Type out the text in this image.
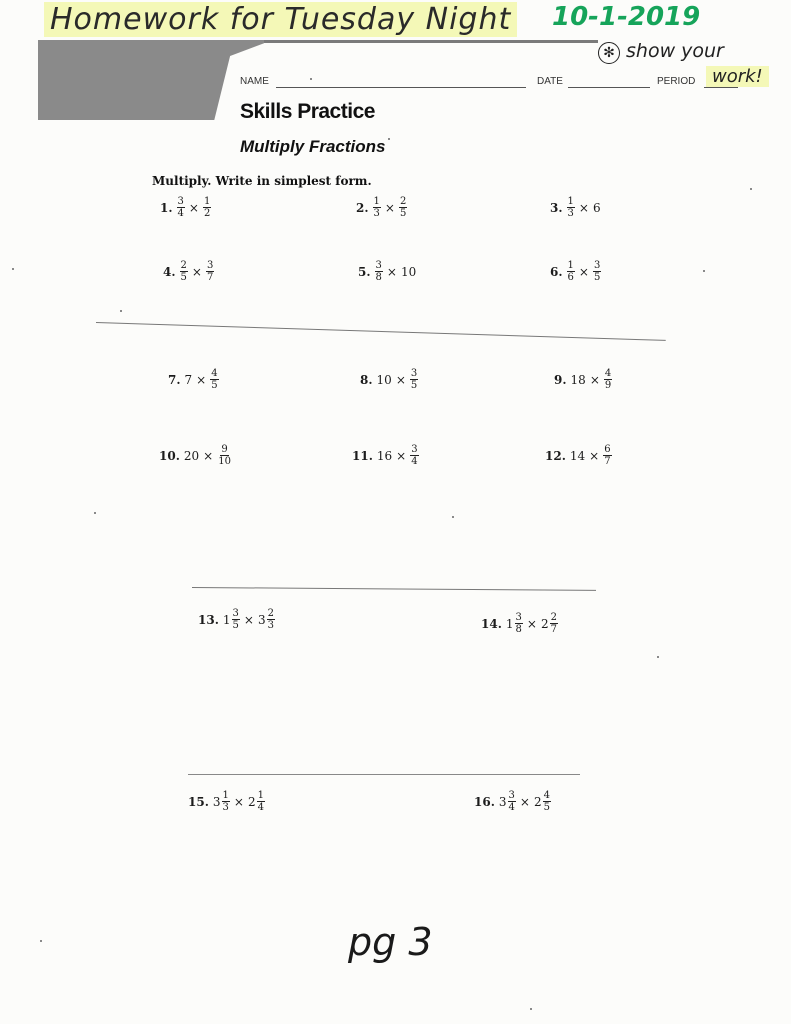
Homework for Tuesday Night 10-1-2019
✻ show your
work!
NAME	DATE	PERIOD
Skills Practice
Multiply Fractions
Multiply. Write in simplest form.
1. $\frac{3}{4} \times \frac{1}{2}$	2. $\frac{1}{3} \times \frac{2}{5}$	3. $\frac{1}{3} \times 6$
4. $\frac{2}{5} \times \frac{3}{7}$	5. $\frac{3}{8} \times 10$	6. $\frac{1}{6} \times \frac{3}{5}$
7. $7 \times \frac{4}{5}$	8. $10 \times \frac{3}{5}$	9. $18 \times \frac{4}{9}$
10. $20 \times \frac{9}{10}$	11. $16 \times \frac{3}{4}$	12. $14 \times \frac{6}{7}$
13. $1 \frac{3}{5} \times 3 \frac{2}{3}$	14. $1 \frac{3}{8} \times 2 \frac{2}{7}$
15. $3 \frac{1}{3} \times 2 \frac{1}{4}$	16. $3 \frac{3}{4} \times 2 \frac{4}{5}$
pg 3
